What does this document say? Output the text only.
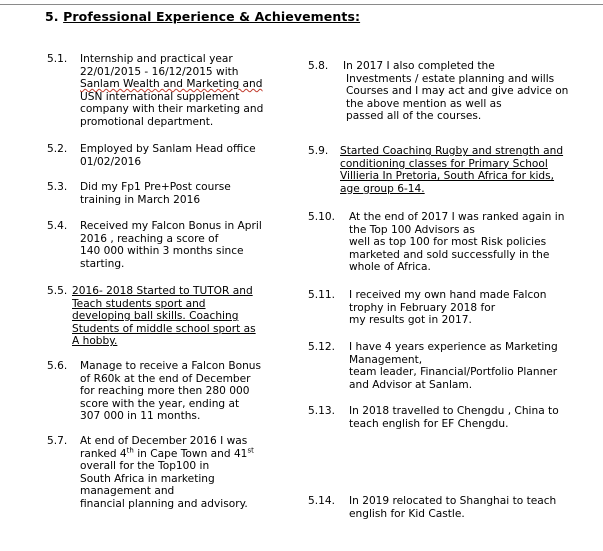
5. Professional Experience & Achievements:
5.1. Internship and practical year
22/01/2015 - 16/12/2015 with
Sanlam Wealth and Marketing and
USN international supplement
company with their marketing and
promotional department.
5.2. Employed by Sanlam Head office
01/02/2016
5.3. Did my Fp1 Pre+Post course
training in March 2016
5.4. Received my Falcon Bonus in April
2016 , reaching a score of
140 000 within 3 months since
starting.
5.5. 2016- 2018 Started to TUTOR and
Teach students sport and
developing ball skills. Coaching
Students of middle school sport as
A hobby.
5.6. Manage to receive a Falcon Bonus
of R60k at the end of December
for reaching more then 280 000
score with the year, ending at
307 000 in 11 months.
5.7. At end of December 2016 I was
ranked 4th in Cape Town and 41st
overall for the Top100 in
South Africa in marketing
management and
financial planning and advisory.
5.8. In 2017 I also completed the
Investments / estate planning and wills
Courses and I may act and give advice on
the above mention as well as
passed all of the courses.
5.9. Started Coaching Rugby and strength and
conditioning classes for Primary School
Villieria In Pretoria, South Africa for kids,
age group 6-14.
5.10. At the end of 2017 I was ranked again in
the Top 100 Advisors as
well as top 100 for most Risk policies
marketed and sold successfully in the
whole of Africa.
5.11. I received my own hand made Falcon
trophy in February 2018 for
my results got in 2017.
5.12. I have 4 years experience as Marketing
Management,
team leader, Financial/Portfolio Planner
and Advisor at Sanlam.
5.13. In 2018 travelled to Chengdu , China to
teach english for EF Chengdu.
5.14. In 2019 relocated to Shanghai to teach
english for Kid Castle.
